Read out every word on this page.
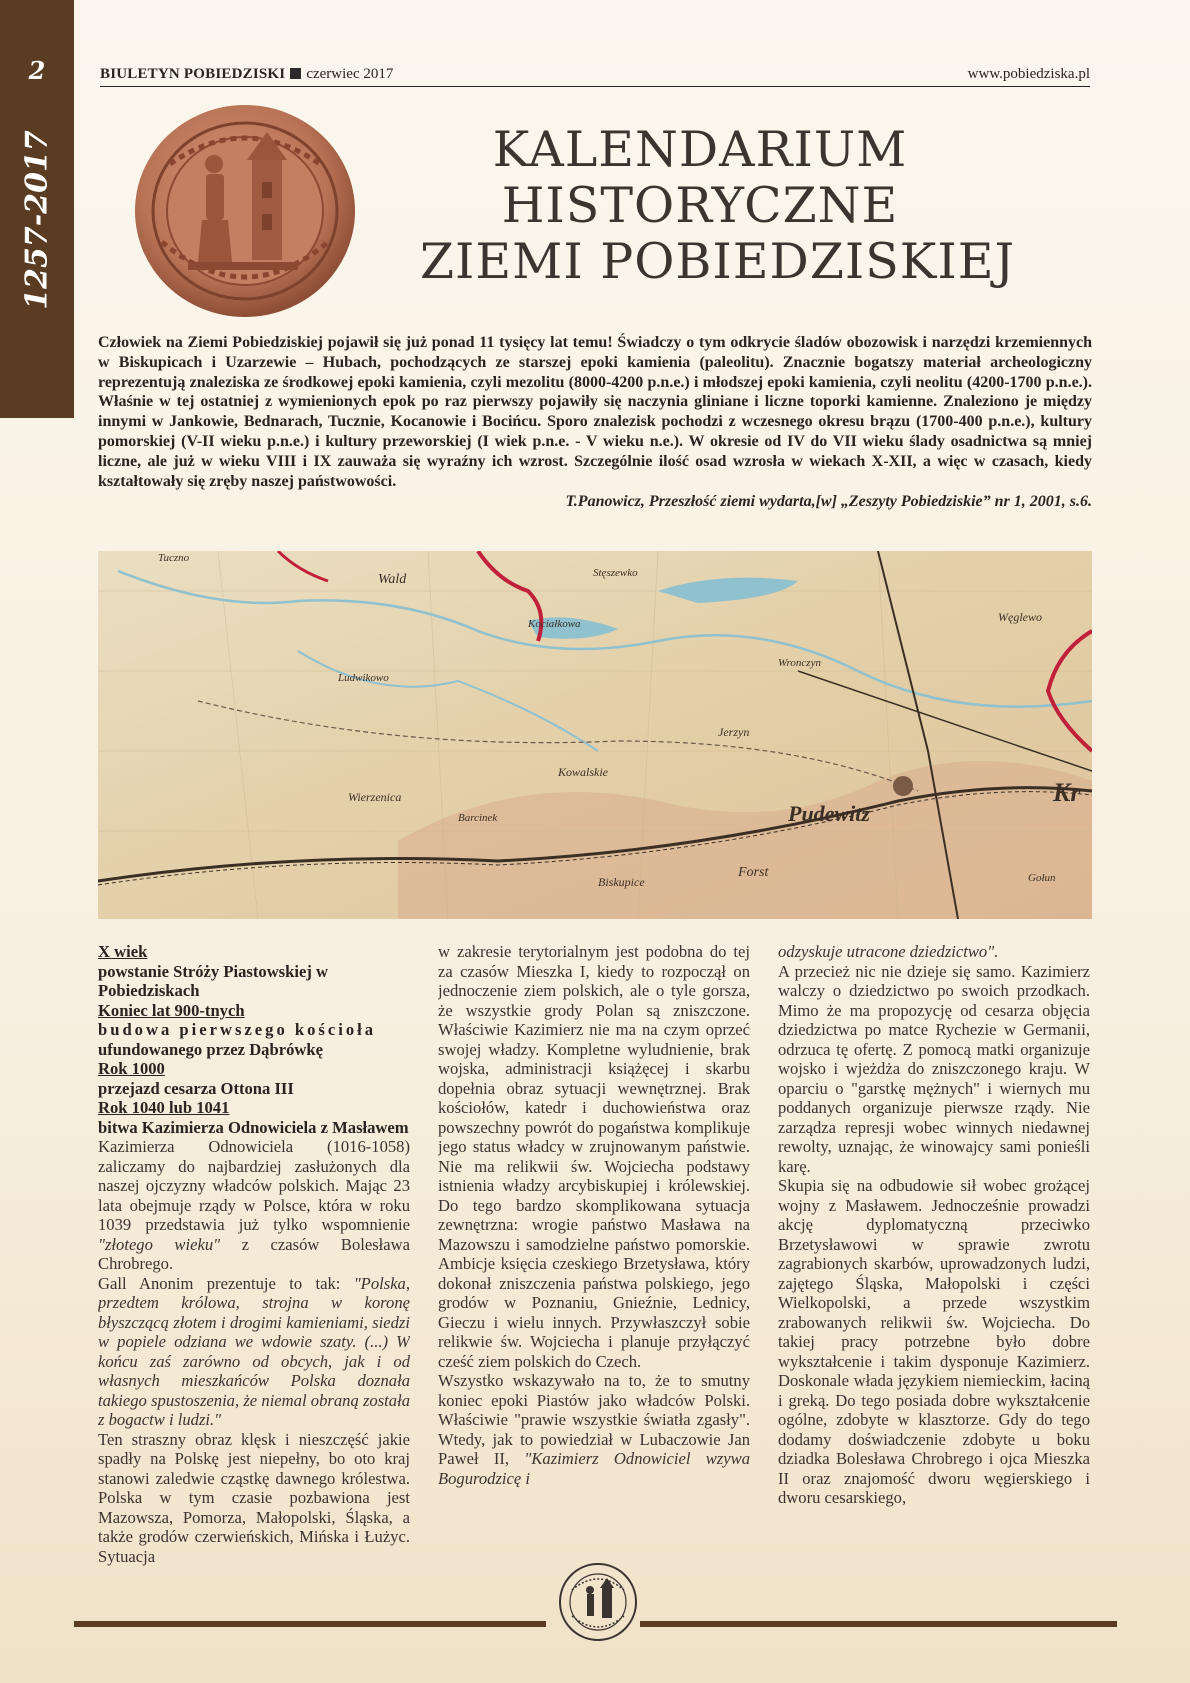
2
1257-2017
BIULETYN POBIEDZISKI czerwiec 2017	www.pobiedziska.pl
KALENDARIUM
HISTORYCZNE
ZIEMI POBIEDZISKIEJ

Człowiek na Ziemi Pobiedziskiej pojawił się już ponad 11 tysięcy lat temu! Świadczy o tym odkrycie śladów obozowisk i narzędzi krzemiennych w Biskupicach i Uzarzewie – Hubach, pochodzących ze starszej epoki kamienia (paleolitu). Znacznie bogatszy materiał archeologiczny reprezentują znaleziska ze środkowej epoki kamienia, czyli mezolitu (8000-4200 p.n.e.) i młodszej epoki kamienia, czyli neolitu (4200-1700 p.n.e.). Właśnie w tej ostatniej z wymienionych epok po raz pierwszy pojawiły się naczynia gliniane i liczne toporki kamienne. Znaleziono je między innymi w Jankowie, Bednarach, Tucznie, Kocanowie i Bocińcu. Sporo znalezisk pochodzi z wczesnego okresu brązu (1700-400 p.n.e.), kultury pomorskiej (V-II wieku p.n.e.) i kultury przeworskiej (I wiek p.n.e. - V wieku n.e.). W okresie od IV do VII wieku ślady osadnictwa są mniej liczne, ale już w wieku VIII i IX zauważa się wyraźny ich wzrost. Szczególnie ilość osad wzrosła w wiekach X-XII, a więc w czasach, kiedy kształtowały się zręby naszej państwowości.

T.Panowicz, Przeszłość ziemi wydarta,[w] „Zeszyty Pobiedziskie” nr 1, 2001, s.6.

Wald
Pudewitz
Kr
Forst
Kociałkowa	Węglewo
Kowalskie
Jerzyn
Biskupice
Wierzenica
Tuczno
Stęszewko
Barcinek
Ludwikowo
Wronczyn
Gołun

X wiek

powstanie Stróży Piastowskiej w Pobiedziskach

Koniec lat 900-tnych

budowa pierwszego kościoła

ufundowanego przez Dąbrówkę

Rok 1000

przejazd cesarza Ottona III

Rok 1040 lub 1041

bitwa Kazimierza Odnowiciela z Masławem

Kazimierza Odnowiciela (1016-1058) zaliczamy do najbardziej zasłużonych dla naszej ojczyzny władców polskich. Mając 23 lata obejmuje rządy w Polsce, która w roku 1039 przedstawia już tylko wspomnienie "złotego wieku" z czasów Bolesława Chrobrego.

Gall Anonim prezentuje to tak: "Polska, przedtem królowa, strojna w koronę błyszczącą złotem i drogimi kamieniami, siedzi w popiele odziana we wdowie szaty. (...) W końcu zaś zarówno od obcych, jak i od własnych mieszkańców Polska doznała takiego spustoszenia, że niemal obraną została z bogactw i ludzi."

Ten straszny obraz klęsk i nieszczęść jakie spadły na Polskę jest niepełny, bo oto kraj stanowi zaledwie cząstkę dawnego królestwa. Polska w tym czasie pozbawiona jest Mazowsza, Pomorza, Małopolski, Śląska, a także grodów czerwieńskich, Mińska i Łużyc. Sytuacja

w zakresie terytorialnym jest podobna do tej za czasów Mieszka I, kiedy to rozpoczął on jednoczenie ziem polskich, ale o tyle gorsza, że wszystkie grody Polan są zniszczone. Właściwie Kazimierz nie ma na czym oprzeć swojej władzy. Kompletne wyludnienie, brak wojska, administracji książęcej i skarbu dopełnia obraz sytuacji wewnętrznej. Brak kościołów, katedr i duchowieństwa oraz powszechny powrót do pogaństwa komplikuje jego status władcy w zrujnowanym państwie. Nie ma relikwii św. Wojciecha podstawy istnienia władzy arcybiskupiej i królewskiej. Do tego bardzo skomplikowana sytuacja zewnętrzna: wrogie państwo Masława na Mazowszu i samodzielne państwo pomorskie. Ambicje księcia czeskiego Brzetysława, który dokonał zniszczenia państwa polskiego, jego grodów w Poznaniu, Gnieźnie, Lednicy, Gieczu i wielu innych. Przywłaszczył sobie relikwie św. Wojciecha i planuje przyłączyć cześć ziem polskich do Czech.

Wszystko wskazywało na to, że to smutny koniec epoki Piastów jako władców Polski. Właściwie "prawie wszystkie światła zgasły". Wtedy, jak to powiedział w Lubaczowie Jan Paweł II, "Kazimierz Odnowiciel wzywa Bogurodzicę i

odzyskuje utracone dziedzictwo".

A przecież nic nie dzieje się samo. Kazimierz walczy o dziedzictwo po swoich przodkach. Mimo że ma propozycję od cesarza objęcia dziedzictwa po matce Rychezie w Germanii, odrzuca tę ofertę. Z pomocą matki organizuje wojsko i wjeżdża do zniszczonego kraju. W oparciu o "garstkę mężnych" i wiernych mu poddanych organizuje pierwsze rządy. Nie zarządza represji wobec winnych niedawnej rewolty, uznając, że winowajcy sami ponieśli karę.

Skupia się na odbudowie sił wobec grożącej wojny z Masławem. Jednocześnie prowadzi akcję dyplomatyczną przeciwko Brzetysławowi w sprawie zwrotu zagrabionych skarbów, uprowadzonych ludzi, zajętego Śląska, Małopolski i części Wielkopolski, a przede wszystkim zrabowanych relikwii św. Wojciecha. Do takiej pracy potrzebne było dobre wykształcenie i takim dysponuje Kazimierz. Doskonale włada językiem niemieckim, łaciną i greką. Do tego posiada dobre wykształcenie ogólne, zdobyte w klasztorze. Gdy do tego dodamy doświadczenie zdobyte u boku dziadka Bolesława Chrobrego i ojca Mieszka II oraz znajomość dworu węgierskiego i dworu cesarskiego,
